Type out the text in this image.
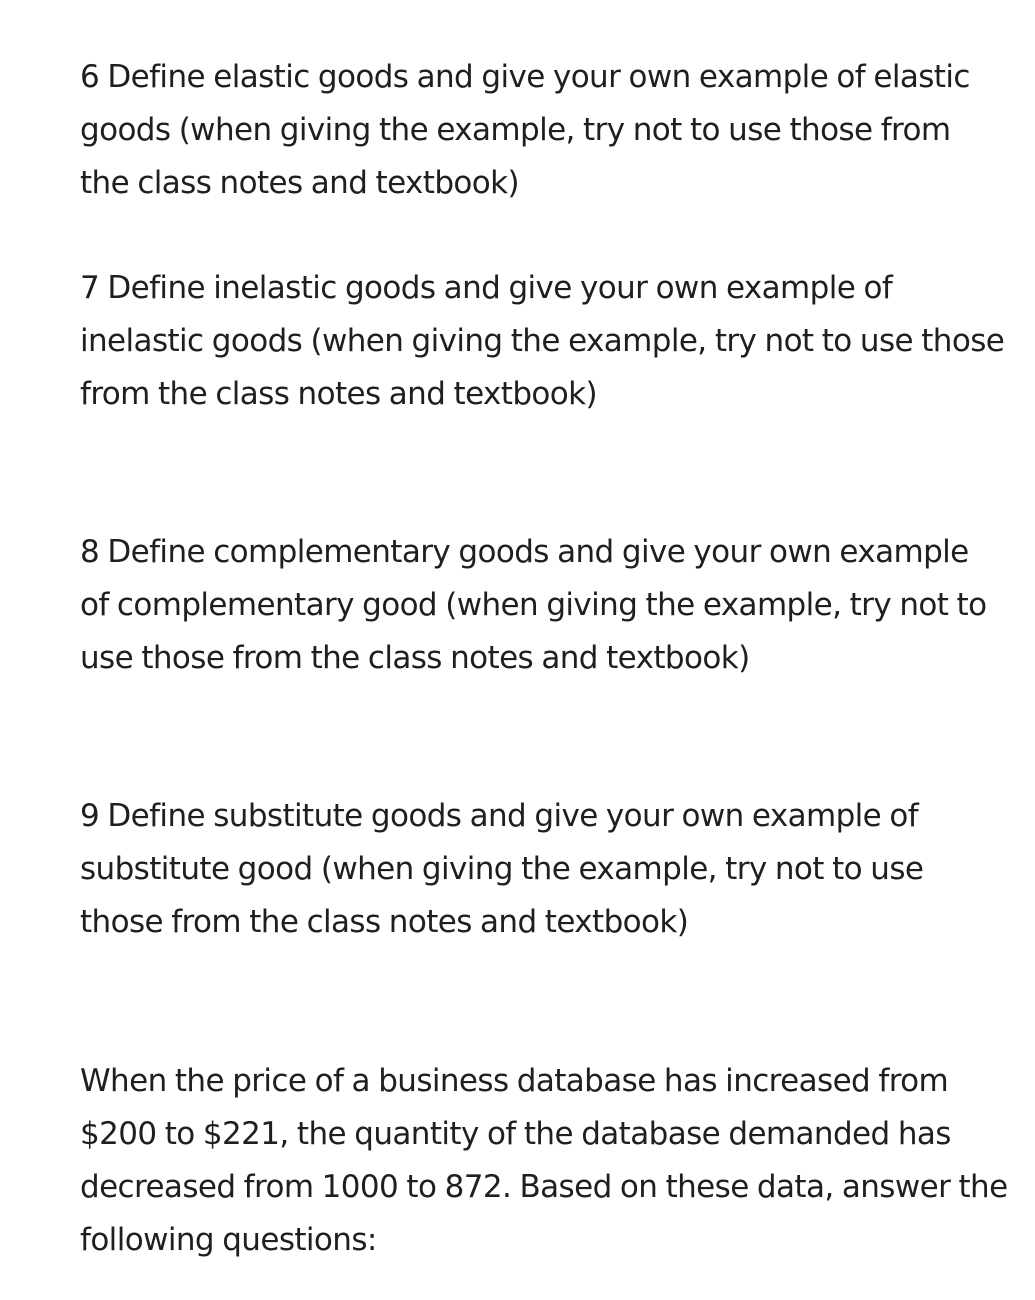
6 Define elastic goods and give your own example of elastic
goods (when giving the example, try not to use those from
the class notes and textbook)

7 Define inelastic goods and give your own example of
inelastic goods (when giving the example, try not to use those
from the class notes and textbook)

8 Define complementary goods and give your own example
of complementary good (when giving the example, try not to
use those from the class notes and textbook)

9 Define substitute goods and give your own example of
substitute good (when giving the example, try not to use
those from the class notes and textbook)

When the price of a business database has increased from
$200 to $221, the quantity of the database demanded has
decreased from 1000 to 872. Based on these data, answer the
following questions:
